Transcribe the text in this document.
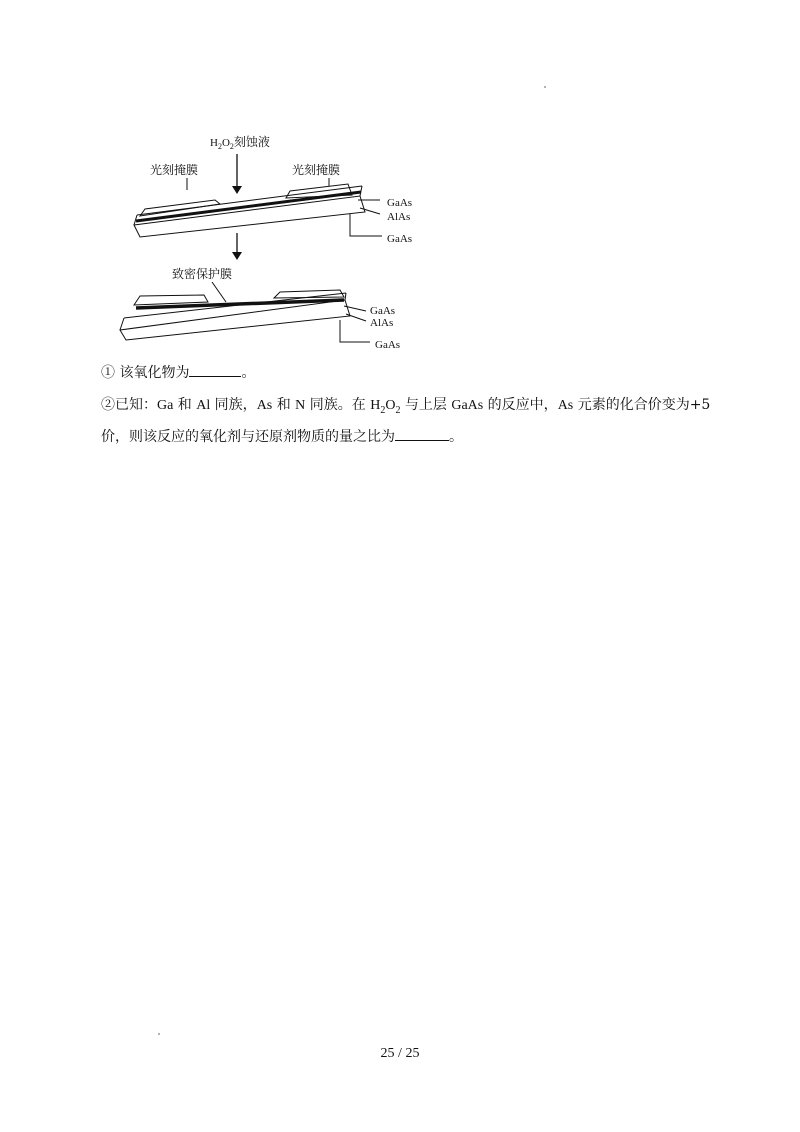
$H_2O_2$刻蚀液
光刻掩膜	光刻掩膜
GaAs
AlAs
GaAs
致密保护膜
GaAs
AlAs
GaAs
① 该氧化物为	。
②已知：Ga 和 Al 同族，As 和 N 同族。在 $H_2O_2$ 与上层 GaAs 的反应中，As 元素的化合价变为+5
价，则该反应的氧化剂与还原剂物质的量之比为	。
25 / 25
